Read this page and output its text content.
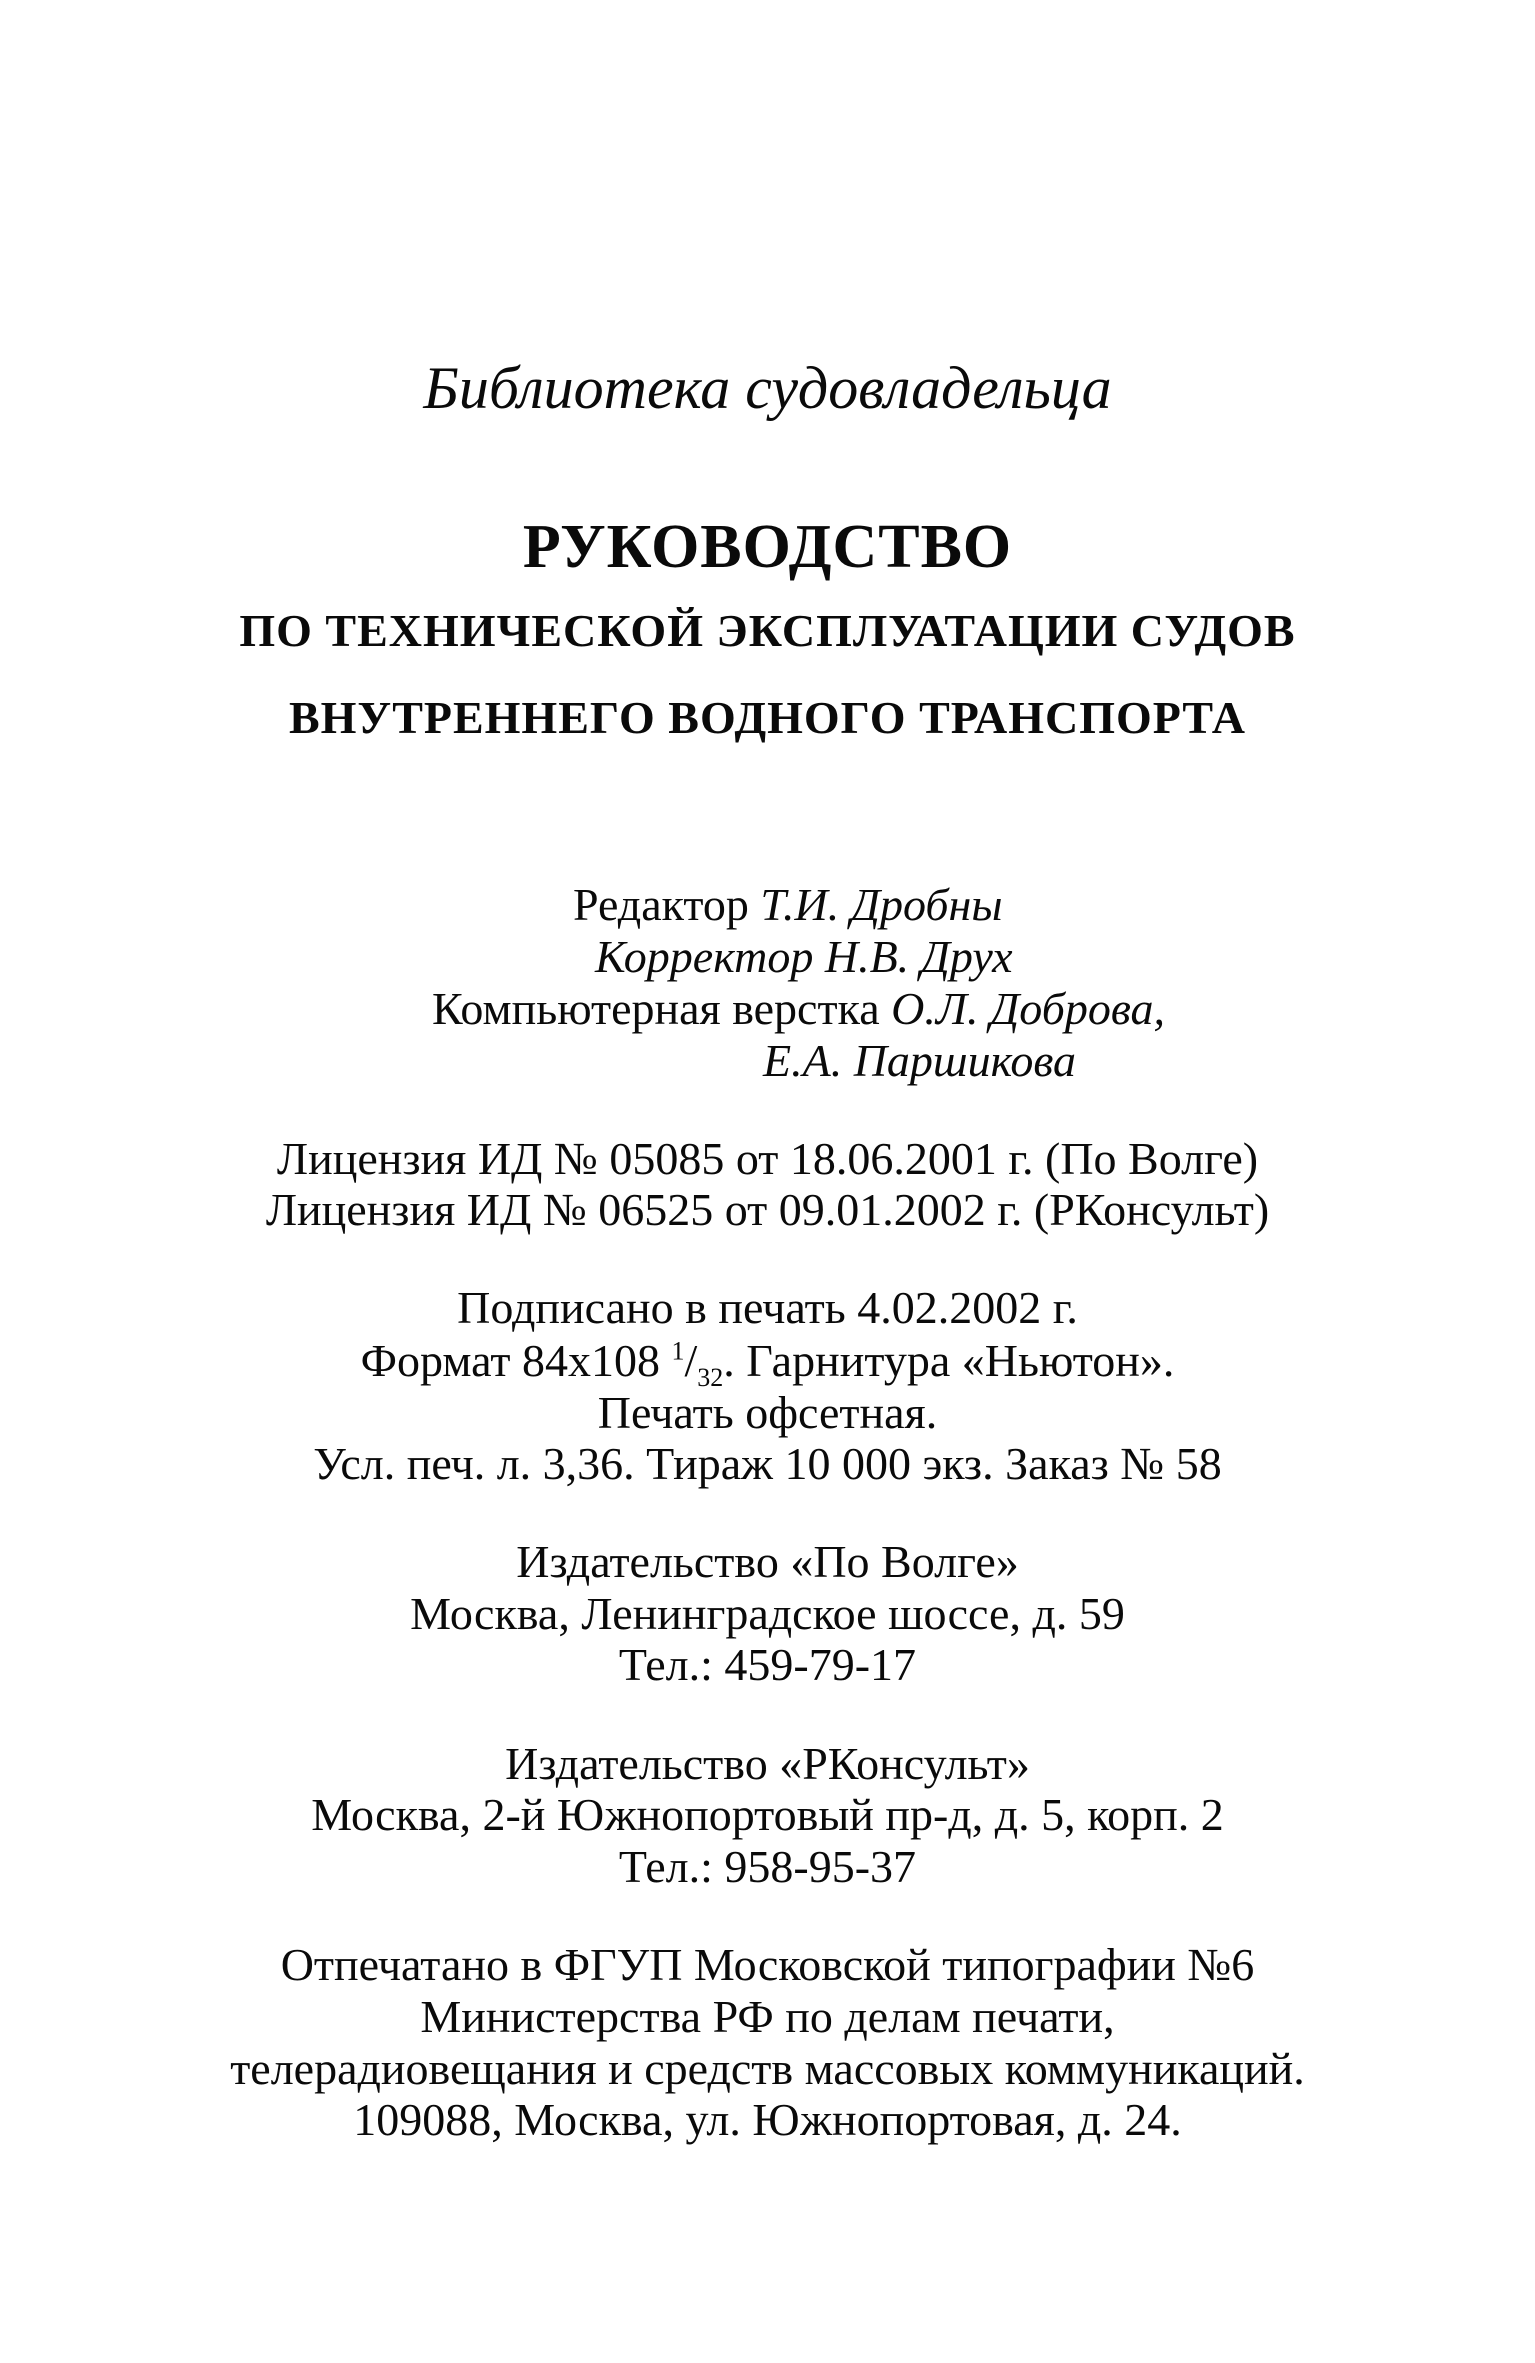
Библиотека судовладельца
РУКОВОДСТВО
ПО ТЕХНИЧЕСКОЙ ЭКСПЛУАТАЦИИ СУДОВ
ВНУТРЕННЕГО ВОДНОГО ТРАНСПОРТА
Редактор Т.И. Дробны
Корректор Н.В. Друх
Компьютерная верстка О.Л. Доброва,
Е.А. Паршикова
Лицензия ИД № 05085 от 18.06.2001 г. (По Волге)
Лицензия ИД № 06525 от 09.01.2002 г. (РКонсульт)
Подписано в печать 4.02.2002 г.
Формат 84x108 $^1/_{32}$. Гарнитура «Ньютон».
Печать офсетная.
Усл. печ. л. 3,36. Тираж 10 000 экз. Заказ № 58
Издательство «По Волге»
Москва, Ленинградское шоссе, д. 59
Тел.: 459-79-17
Издательство «РКонсульт»
Москва, 2-й Южнопортовый пр-д, д. 5, корп. 2
Тел.: 958-95-37
Отпечатано в ФГУП Московской типографии №6
Министерства РФ по делам печати,
телерадиовещания и средств массовых коммуникаций.
109088, Москва, ул. Южнопортовая, д. 24.
